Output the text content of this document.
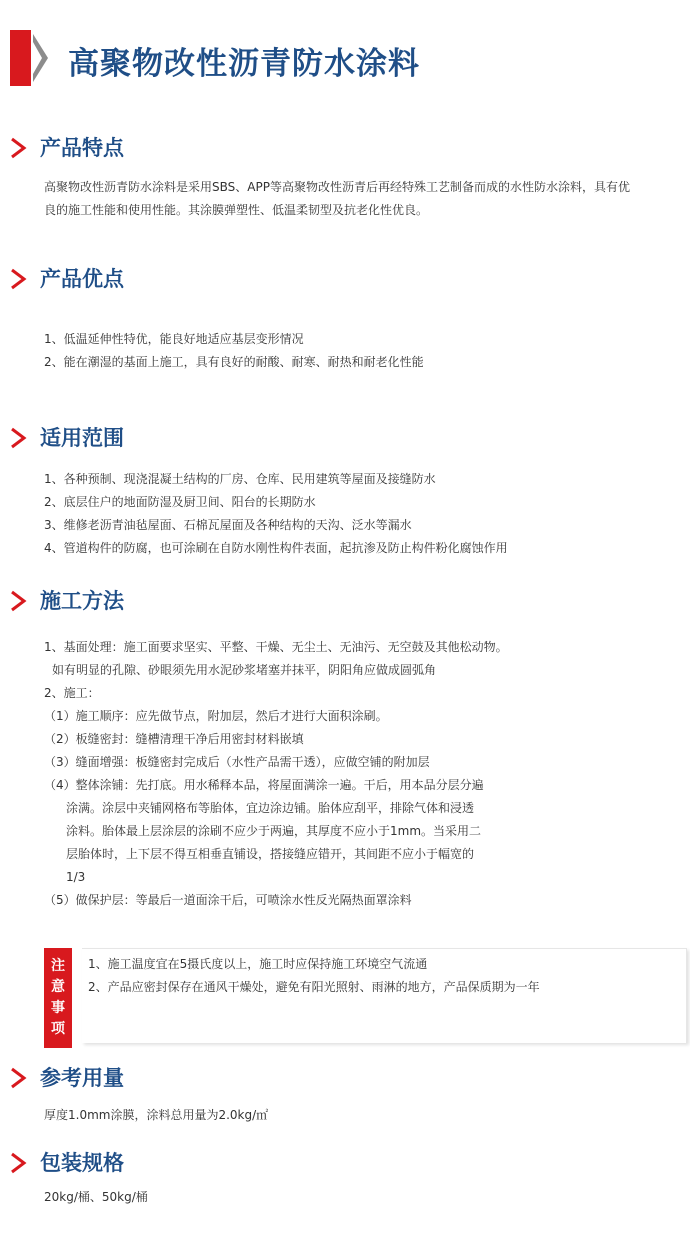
高聚物改性沥青防水涂料
产品特点
高聚物改性沥青防水涂料是采用SBS、APP等高聚物改性沥青后再经特殊工艺制备而成的水性防水涂料，具有优
良的施工性能和使用性能。其涂膜弹塑性、低温柔韧型及抗老化性优良。
产品优点
1、低温延伸性特优，能良好地适应基层变形情况
2、能在潮湿的基面上施工，具有良好的耐酸、耐寒、耐热和耐老化性能
适用范围
1、各种预制、现浇混凝土结构的厂房、仓库、民用建筑等屋面及接缝防水
2、底层住户的地面防湿及厨卫间、阳台的长期防水
3、维修老沥青油毡屋面、石棉瓦屋面及各种结构的天沟、泛水等漏水
4、管道构件的防腐，也可涂刷在自防水刚性构件表面，起抗渗及防止构件粉化腐蚀作用
施工方法
1、基面处理：施工面要求坚实、平整、干燥、无尘土、无油污、无空鼓及其他松动物。
如有明显的孔隙、砂眼须先用水泥砂浆堵塞并抹平，阴阳角应做成圆弧角
2、施工：
（1）施工顺序：应先做节点，附加层，然后才进行大面积涂刷。
（2）板缝密封：缝槽清理干净后用密封材料嵌填
（3）缝面增强：板缝密封完成后（水性产品需干透），应做空铺的附加层
（4）整体涂铺：先打底。用水稀释本品，将屋面满涂一遍。干后，用本品分层分遍
涂满。涂层中夹铺网格布等胎体，宜边涂边铺。胎体应刮平，排除气体和浸透
涂料。胎体最上层涂层的涂刷不应少于两遍，其厚度不应小于1mm。当采用二
层胎体时，上下层不得互相垂直铺设，搭接缝应错开，其间距不应小于幅宽的
1/3
（5）做保护层：等最后一道面涂干后，可喷涂水性反光隔热面罩涂料
注
意
事
项
1、施工温度宜在5摄氏度以上，施工时应保持施工环境空气流通
2、产品应密封保存在通风干燥处，避免有阳光照射、雨淋的地方，产品保质期为一年
参考用量
厚度1.0mm涂膜，涂料总用量为2.0kg/㎡
包装规格
20kg/桶、50kg/桶
